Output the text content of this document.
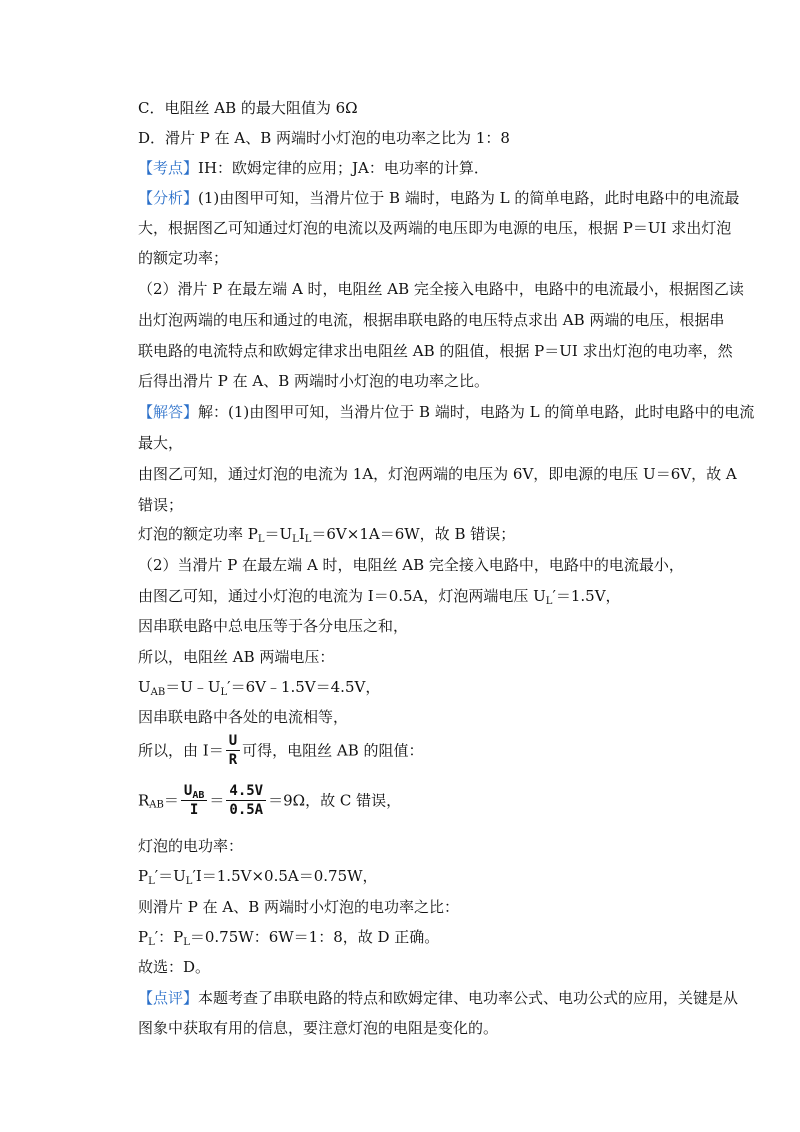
C．电阻丝 AB 的最大阻值为 6Ω
D．滑片 P 在 A、B 两端时小灯泡的电功率之比为 1：8
【考点】IH：欧姆定律的应用；JA：电功率的计算．
【分析】(1)由图甲可知，当滑片位于 B 端时，电路为 L 的简单电路，此时电路中的电流最
大，根据图乙可知通过灯泡的电流以及两端的电压即为电源的电压，根据 P＝UI 求出灯泡
的额定功率；
（2）滑片 P 在最左端 A 时，电阻丝 AB 完全接入电路中，电路中的电流最小，根据图乙读
出灯泡两端的电压和通过的电流，根据串联电路的电压特点求出 AB 两端的电压，根据串
联电路的电流特点和欧姆定律求出电阻丝 AB 的阻值，根据 P＝UI 求出灯泡的电功率，然
后得出滑片 P 在 A、B 两端时小灯泡的电功率之比。
【解答】解：(1)由图甲可知，当滑片位于 B 端时，电路为 L 的简单电路，此时电路中的电流
最大，
由图乙可知，通过灯泡的电流为 1A，灯泡两端的电压为 6V，即电源的电压 U＝6V，故 A
错误；
灯泡的额定功率 $P_L=U_LI_L=6V\times 1A=6W$，故 B 错误；
（2）当滑片 P 在最左端 A 时，电阻丝 AB 完全接入电路中，电路中的电流最小，
由图乙可知，通过小灯泡的电流为 I＝0.5A，灯泡两端电压 $U_L'=1.5V$，
因串联电路中总电压等于各分电压之和，
所以，电阻丝 AB 两端电压：
$U_{AB}=U﹣U_L'=6V﹣1.5V=4.5V$，
因串联电路中各处的电流相等，
所以，由 $I= \frac{U}{R}$ 可得，电阻丝 AB 的阻值：
$R_{AB}= \frac{U_{AB}}{I} = \frac{4.5V}{0.5A} =9\Omega$，故 C 错误，
灯泡的电功率：
$P_L'=U_L'I=1.5V\times 0.5A=0.75W$，
则滑片 P 在 A、B 两端时小灯泡的电功率之比：
$P_L'$：$P_L=0.75W$：6W＝1：8，故 D 正确。
故选：D。
【点评】本题考查了串联电路的特点和欧姆定律、电功率公式、电功公式的应用，关键是从
图象中获取有用的信息，要注意灯泡的电阻是变化的。
